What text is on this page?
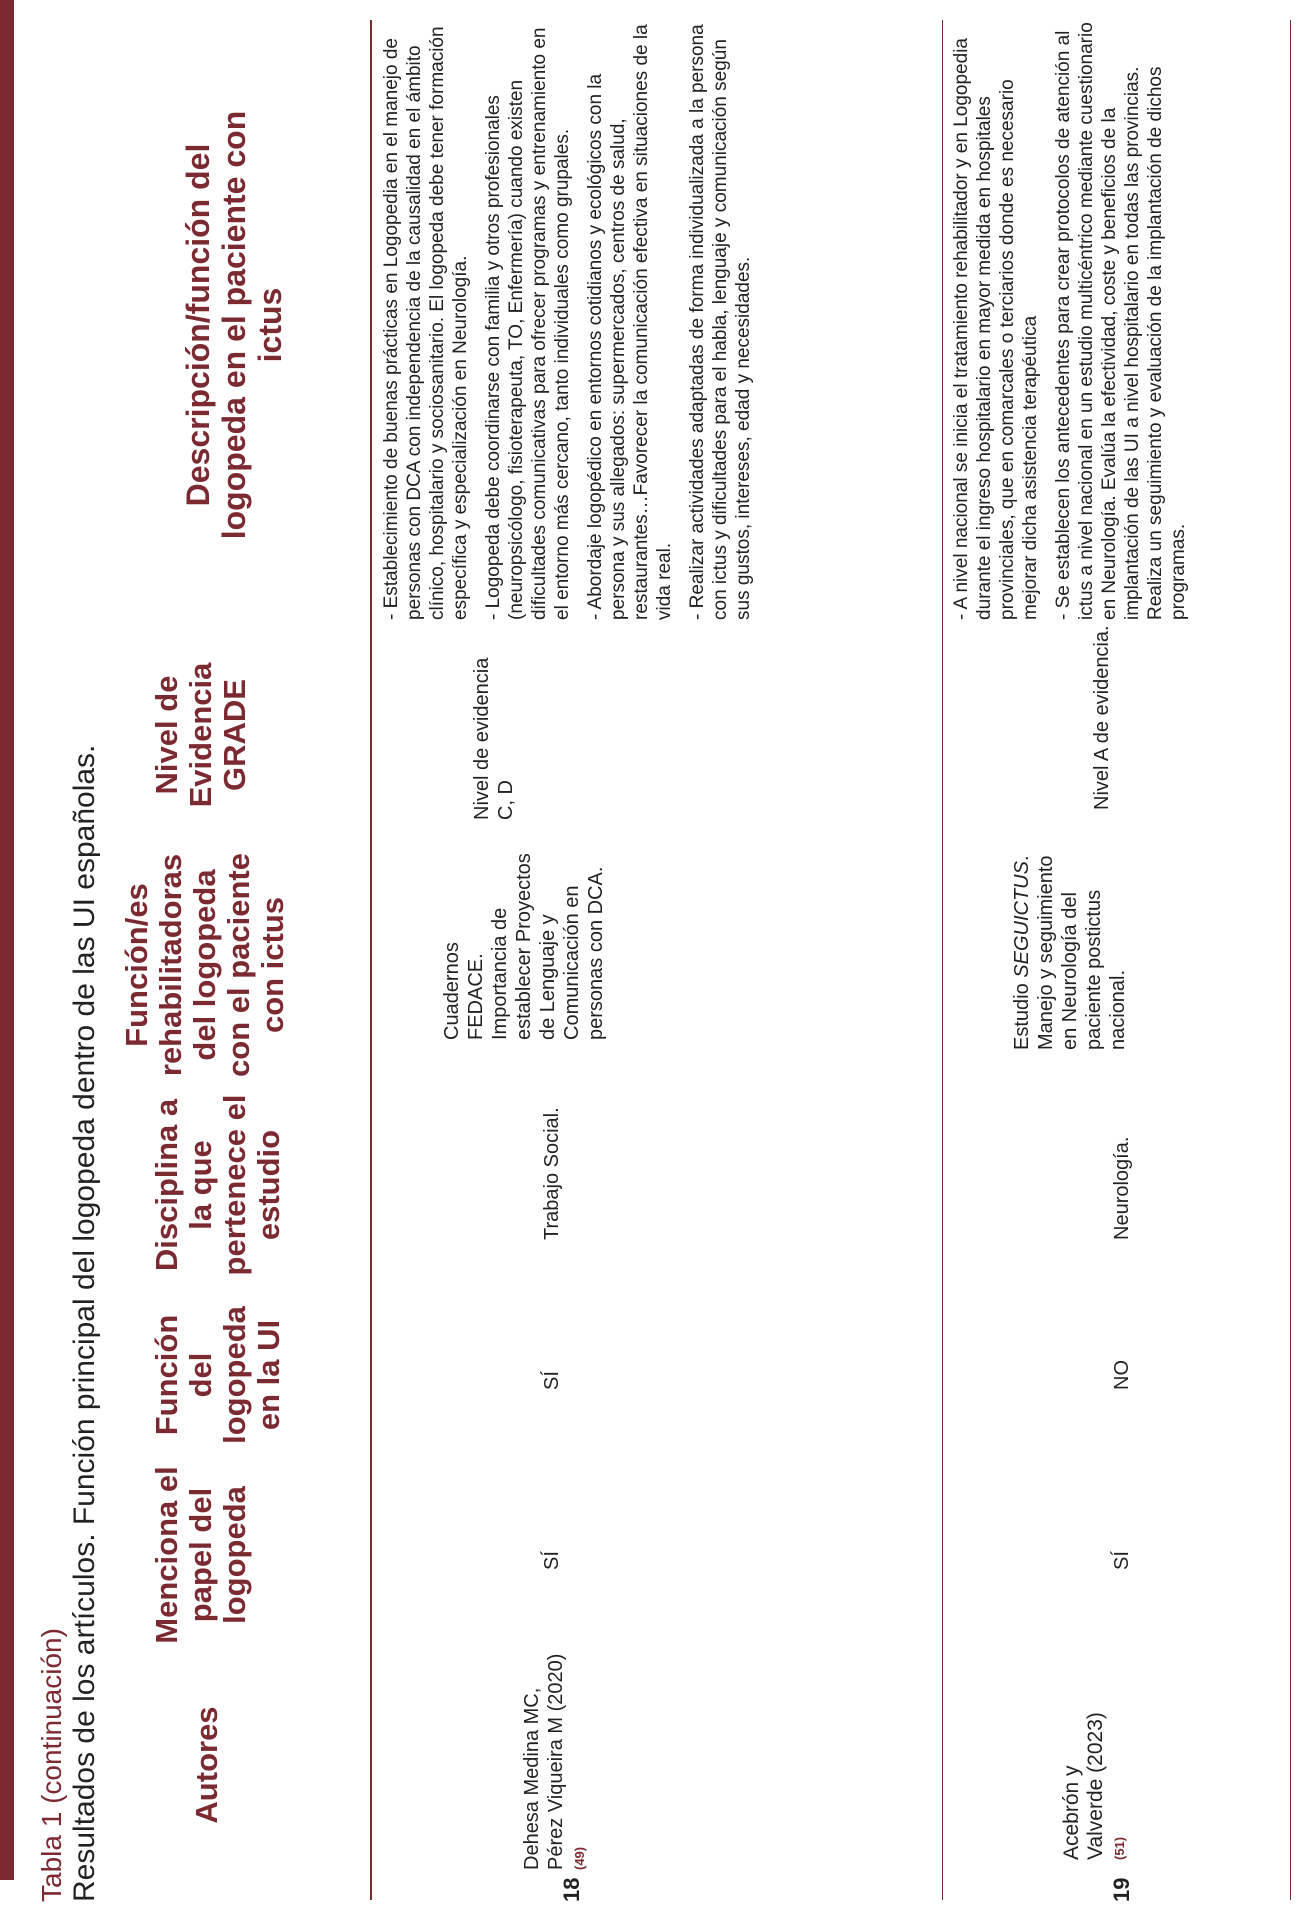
Tabla 1 (continuación) Resultados de los artículos. Función principal del logopeda dentro de las UI españolas.	Autores
Menciona el papel del logopeda
Función del logopeda en la UI
Disciplina a la que pertenece el estudio
Función/es rehabilitadoras del logopeda con el paciente con ictus
Nivel de Evidencia GRADE
Descripción/función del logopeda en el paciente con ictus
18
Dehesa Medina MC, Pérez Viqueira M (2020) $^{(49)}$
SÍ
SÍ
Trabajo Social.
Cuadernos FEDACE. Importancia de establecer Proyectos de Lenguaje y Comunicación en personas con DCA.
Nivel de evidencia C, D
- Establecimiento de buenas prácticas en Logopedia en el manejo de personas con DCA con independencia de la causalidad en el ámbito clínico, hospitalario y sociosanitario. El logopeda debe tener formación específica y especialización en Neurología. - Logopeda debe coordinarse con familia y otros profesionales (neuropsicólogo, fisioterapeuta, TO, Enfermería) cuando existen dificultades comunicativas para ofrecer programas y entrenamiento en el entorno más cercano, tanto individuales como grupales. - Abordaje logopédico en entornos cotidianos y ecológicos con la persona y sus allegados: supermercados, centros de salud, restaurantes…Favorecer la comunicación efectiva en situaciones de la vida real. - Realizar actividades adaptadas de forma individualizada a la persona con ictus y dificultades para el habla, lenguaje y comunicación según sus gustos, intereses, edad y necesidades.
19
Acebrón y Valverde (2023) $^{(51)}$
SÍ
NO
Neurología.
Estudio SEGUICTUS. Manejo y seguimiento en Neurología del paciente postictus nacional.
Nivel A de evidencia.
- A nivel nacional se inicia el tratamiento rehabilitador y en Logopedia durante el ingreso hospitalario en mayor medida en hospitales provinciales, que en comarcales o terciarios donde es necesario mejorar dicha asistencia terapéutica - Se establecen los antecedentes para crear protocolos de atención al ictus a nivel nacional en un estudio multicéntrico mediante cuestionario en Neurología. Evalúa la efectividad, coste y beneficios de la implantación de las UI a nivel hospitalario en todas las provincias. Realiza un seguimiento y evaluación de la implantación de dichos programas.
